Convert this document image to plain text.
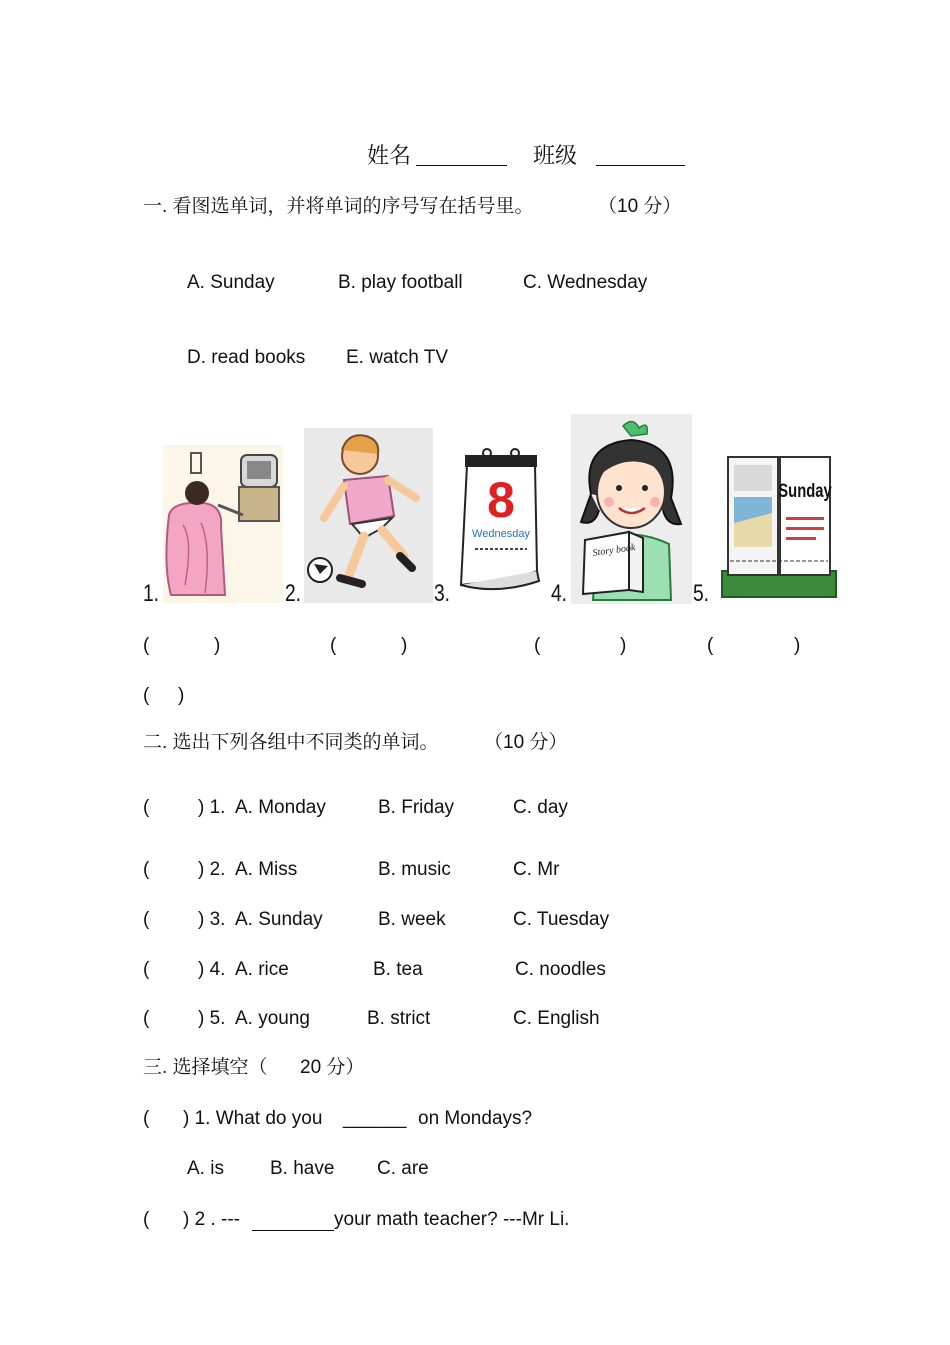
姓名	班级
一. 看图选单词，并将单词的序号写在括号里。	（10 分）
A. Sunday	B. play football	C. Wednesday
D. read books E. watch TV
1.	2.	3.
8
Wednesday
4.
Story book
5.
Sunday
(	)	(	)	(	)	(	)
( )
二. 选出下列各组中不同类的单词。 （10 分）
(	) 1. A. Monday	B. Friday	C. day
(	) 2. A. Miss	B. music	C. Mr
(	) 3. A. Sunday	B. week	C. Tuesday
(	) 4. A. rice	B. tea	C. noodles
(	) 5. A. young	B. strict	C. English
三. 选择填空（ 20 分）
( ) 1. What do you ______ on Mondays?
A. is B. have C. are
( ) 2 . ---	your math teacher? ---Mr Li.
